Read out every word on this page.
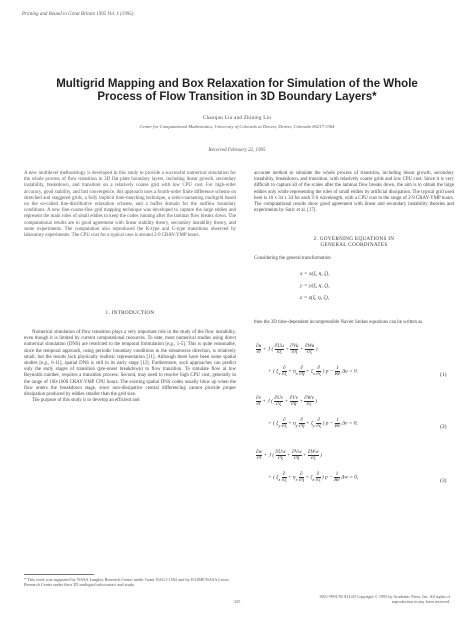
Printing and Bound in Great Britain 1995 Vol. 1 (1995)
Multigrid Mapping and Box Relaxation for Simulation of the Whole
Process of Flow Transition in 3D Boundary Layers*
Chaoqun Liu and Zhining Liu
Center for Computational Mathematics, University of Colorado at Denver, Denver, Colorado 80217-3364
Received February 22, 1995
A new multilevel methodology is developed in this study to provide a successful numerical simulation for the whole process of flow transition in 3D flat plate boundary layers, including linear growth, secondary instability, breakdown, and transition on a relatively coarse grid with low CPU cost. For high-order accuracy, good stability, and fast convergence, this approach uses a fourth-order finite difference scheme on stretched and staggered grids, a fully implicit time-marching technique, a semi-coarsening multigrid based on the so-called line-distributive relaxation scheme, and a buffer domain for the outflow boundary conditions. A new fine-coarse-fine grid mapping technique was developed to capture the large eddies and represent the main roles of small eddies to keep the codes running after the laminar flow breaks down. The computational results are in good agreement with linear stability theory, secondary instability theory, and some experiments. The computation also reproduced the K-type and C-type transitions observed by laboratory experiments. The CPU cost for a typical case is around 2-9 CRAY-YMP hours.
1. INTRODUCTION
Numerical simulation of flow transition plays a very important role in the study of the flow instability, even though it is limited by current computational resources. To date, most numerical studies using direct numerical simulation (DNS) are restricted to the temporal formulation [e.g., 1-5]. This is quite reasonable, since the temporal approach, using periodic boundary conditions in the streamwise direction, is relatively small, but the results lack physically realistic representation [11]. Although there have been some spatial studies [e.g., 6-11], spatial DNS is still in its early stage [12]. Furthermore, such approaches can predict only the early stages of transition (pre-onset breakdown) to flow transition. To simulate flow at low Reynolds number, requires a transition process. Second, may need to resolve high CPU cost, generally in the range of 100-1600 CRAY-YMP CPU hours. The existing spatial DNS codes usually blow up when the flow enters the breakdown stage, since non-dissipative central differencing cannot provide proper dissipation produced by eddies smaller than the grid size.
The purpose of this study is to develop an efficient and
* This work was supported by NASA Langley Research Center under Grant NAG1-1592 and by ICOMP/NASA Lewis Research Center under their 3D multigrid subcontract and study.
accurate method to simulate the whole process of transition, including linear growth, secondary instability, breakdown, and transition, with relatively coarse grids and low CPU cost. Since it is very difficult to capture all of the scales after the laminar flow breaks down, the aim is to obtain the large eddies only while representing the roles of small eddies by artificial dissipation. The typical grid used here is 16 x 34 x 34 for each T-S wavelength, with a CPU cost in the range of 2-9 CRAY-YMP hours. The computational results show good agreement with linear and secondary instability theories and experiments by Saric et al. [17].
2. GOVERNING EQUATIONS IN
GENERAL COORDINATES
Considering the general transformation
x = x(ξ, η, ζ),
y = y(ξ, η, ζ),
z = z(ξ, η, ζ),
then the 3D time-dependent incompressible Navier Stokes equations can be written as
$\frac{\partial u}{\partial t} + J$ ( $\frac{\partial Uu}{\partial\xi} + \frac{\partial Vu}{\partial\eta} + \frac{\partial Wu}{\partial\zeta}$ )
+ ( $\xi_x \frac{\partial}{\partial\xi} + \eta_x \frac{\partial}{\partial\eta} + \zeta_x \frac{\partial}{\partial\zeta}$ ) $p - \frac{1}{Re}$ Δu = 0.
(1)
$\frac{\partial v}{\partial t} + J$ ( $\frac{\partial Uv}{\partial\xi} + \frac{\partial Vv}{\partial\eta} + \frac{\partial Wv}{\partial\zeta}$ )
+ ( $\xi_y \frac{\partial}{\partial\xi} + \eta_y \frac{\partial}{\partial\eta} + \zeta_y \frac{\partial}{\partial\zeta}$ ) $p - \frac{1}{Re}$ Δv = 0,
(2)
$\frac{\partial w}{\partial t} + J$ ( $\frac{\partial Uw}{\partial\xi} + \frac{\partial Vw}{\partial\eta} + \frac{\partial Ww}{\partial\zeta}$ )
+ ( $\xi_z \frac{\partial}{\partial\xi} + \eta_z \frac{\partial}{\partial\eta} + \zeta_z \frac{\partial}{\partial\zeta}$ ) $p - \frac{1}{Re}$ Δw = 0,
(3)
0021-9991/95 $12.00 Copyright © 1995 by Academic Press, Inc. All rights of reproduction in any form reserved.
325
